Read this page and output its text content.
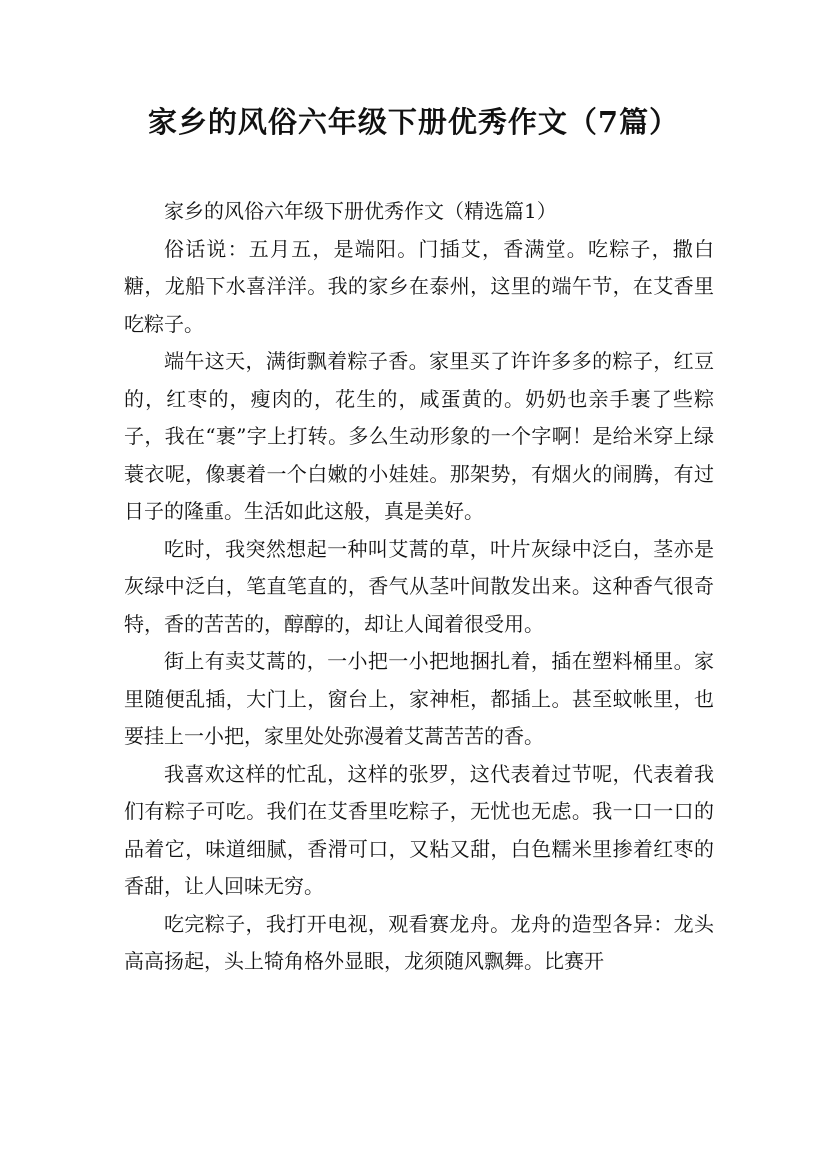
家乡的风俗六年级下册优秀作文（7篇）

家乡的风俗六年级下册优秀作文（精选篇1）

俗话说：五月五，是端阳。门插艾，香满堂。吃粽子，撒白糖，龙船下水喜洋洋。我的家乡在泰州，这里的端午节，在艾香里吃粽子。

端午这天，满街飘着粽子香。家里买了许许多多的粽子，红豆的，红枣的，瘦肉的，花生的，咸蛋黄的。奶奶也亲手裹了些粽子，我在“裹”字上打转。多么生动形象的一个字啊！是给米穿上绿蓑衣呢，像裹着一个白嫩的小娃娃。那架势，有烟火的闹腾，有过日子的隆重。生活如此这般，真是美好。

吃时，我突然想起一种叫艾蒿的草，叶片灰绿中泛白，茎亦是灰绿中泛白，笔直笔直的，香气从茎叶间散发出来。这种香气很奇特，香的苦苦的，醇醇的，却让人闻着很受用。

街上有卖艾蒿的，一小把一小把地捆扎着，插在塑料桶里。家里随便乱插，大门上，窗台上，家神柜，都插上。甚至蚊帐里，也要挂上一小把，家里处处弥漫着艾蒿苦苦的香。

我喜欢这样的忙乱，这样的张罗，这代表着过节呢，代表着我们有粽子可吃。我们在艾香里吃粽子，无忧也无虑。我一口一口的品着它，味道细腻，香滑可口，又粘又甜，白色糯米里掺着红枣的香甜，让人回味无穷。

吃完粽子，我打开电视，观看赛龙舟。龙舟的造型各异：龙头高高扬起，头上犄角格外显眼，龙须随风飘舞。比赛开
